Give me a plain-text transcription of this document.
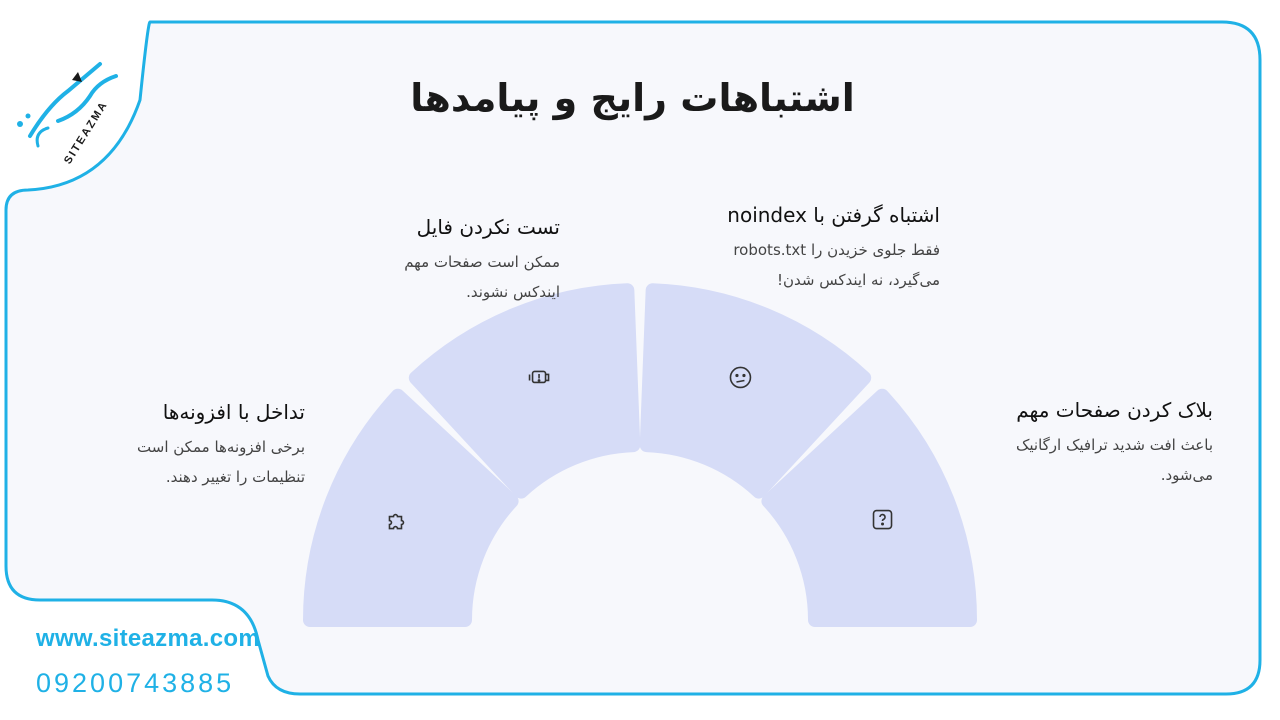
SITEAZMA
اشتباهات رایج و پیامدها
تداخل با افزونه‌ها
برخی افزونه‌ها ممکن است
تنظیمات را تغییر دهند.
تست نکردن فایل
ممکن است صفحات مهم
ایندکس نشوند.
اشتباه گرفتن با noindex
فقط جلوی خزیدن را robots.txt
می‌گیرد، نه ایندکس شدن!
بلاک کردن صفحات مهم
باعث افت شدید ترافیک ارگانیک
می‌شود.
www.siteazma.com
09200743885
